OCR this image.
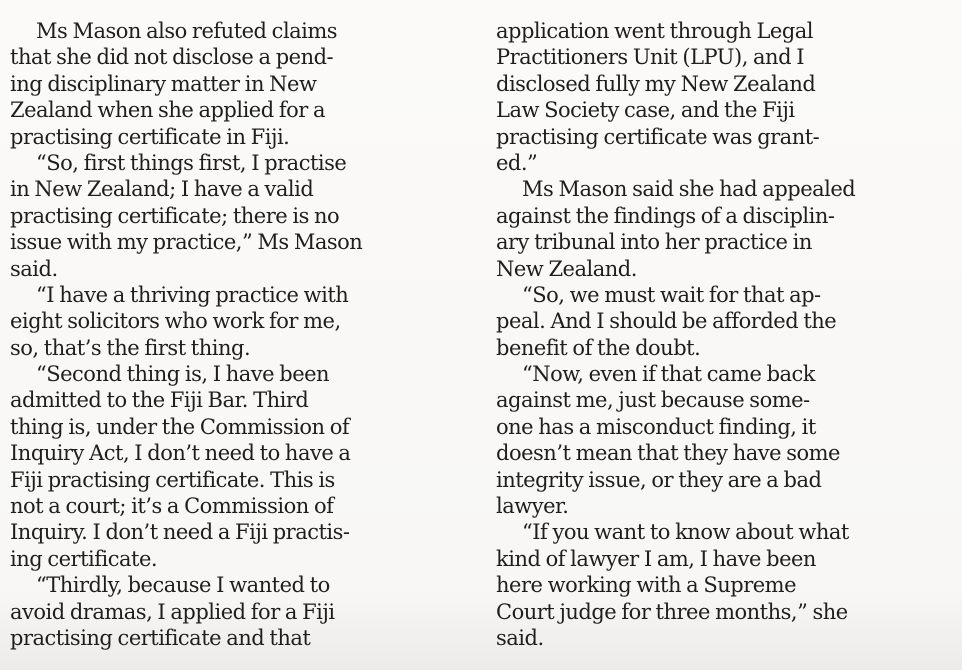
Ms Mason also refuted claims
that she did not disclose a pend-
ing disciplinary matter in New
Zealand when she applied for a
practising certificate in Fiji.
“So, first things first, I practise
in New Zealand; I have a valid
practising certificate; there is no
issue with my practice,” Ms Mason
said.
“I have a thriving practice with
eight solicitors who work for me,
so, that’s the first thing.
“Second thing is, I have been
admitted to the Fiji Bar. Third
thing is, under the Commission of
Inquiry Act, I don’t need to have a
Fiji practising certificate. This is
not a court; it’s a Commission of
Inquiry. I don’t need a Fiji practis-
ing certificate.
“Thirdly, because I wanted to
avoid dramas, I applied for a Fiji
practising certificate and that
application went through Legal
Practitioners Unit (LPU), and I
disclosed fully my New Zealand
Law Society case, and the Fiji
practising certificate was grant-
ed.”
Ms Mason said she had appealed
against the findings of a disciplin-
ary tribunal into her practice in
New Zealand.
“So, we must wait for that ap-
peal. And I should be afforded the
benefit of the doubt.
“Now, even if that came back
against me, just because some-
one has a misconduct finding, it
doesn’t mean that they have some
integrity issue, or they are a bad
lawyer.
“If you want to know about what
kind of lawyer I am, I have been
here working with a Supreme
Court judge for three months,” she
said.
